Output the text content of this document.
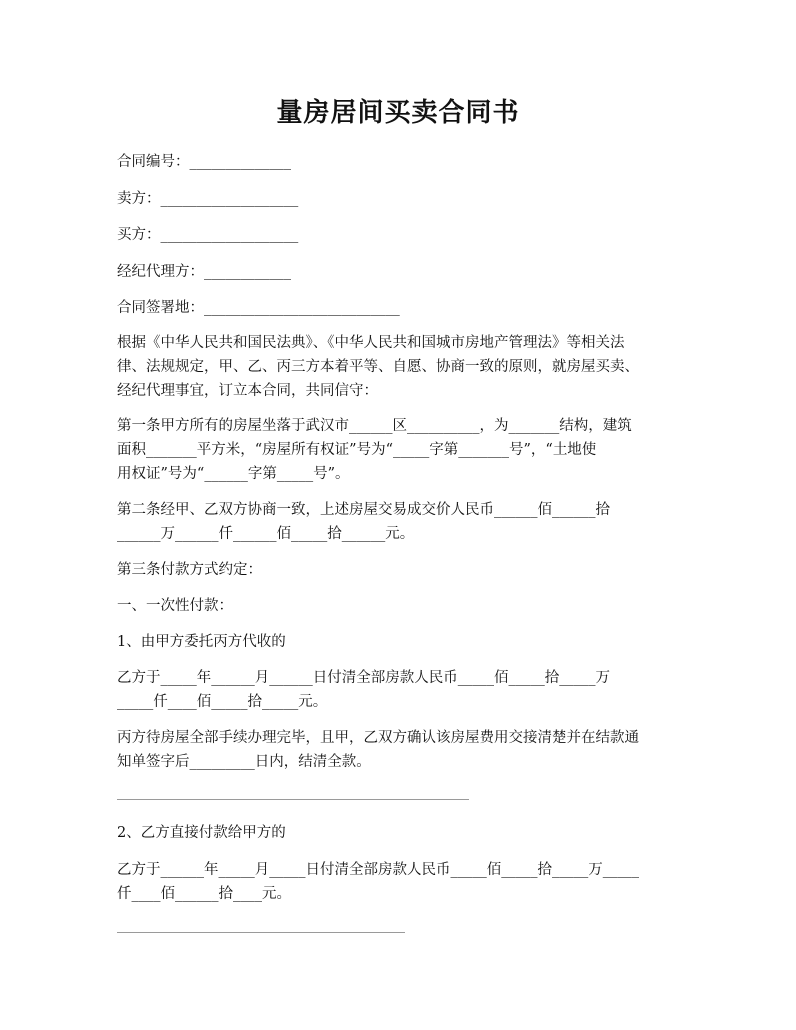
量房居间买卖合同书
合同编号：______________
卖方：___________________
买方：___________________
经纪代理方：____________
合同签署地：___________________________
根据《中华人民共和国民法典》、《中华人民共和国城市房地产管理法》等相关法
律、法规规定，甲、乙、丙三方本着平等、自愿、协商一致的原则，就房屋买卖、
经纪代理事宜，订立本合同，共同信守：
第一条甲方所有的房屋坐落于武汉市______区__________，为_______结构，建筑
面积_______平方米，“房屋所有权证”号为“_____字第_______号”，“土地使
用权证”号为“______字第_____号”。
第二条经甲、乙双方协商一致，上述房屋交易成交价人民币______佰______拾
______万______仟______佰_____拾______元。
第三条付款方式约定：
一、一次性付款：
1、由甲方委托丙方代收的
乙方于_____年______月______日付清全部房款人民币_____佰_____拾_____万
_____仟____佰_____拾_____元。
丙方待房屋全部手续办理完毕，且甲，乙双方确认该房屋费用交接清楚并在结款通
知单签字后_________日内，结清全款。
2、乙方直接付款给甲方的
乙方于______年_____月_____日付清全部房款人民币_____佰_____拾_____万_____
仟____佰______拾____元。
